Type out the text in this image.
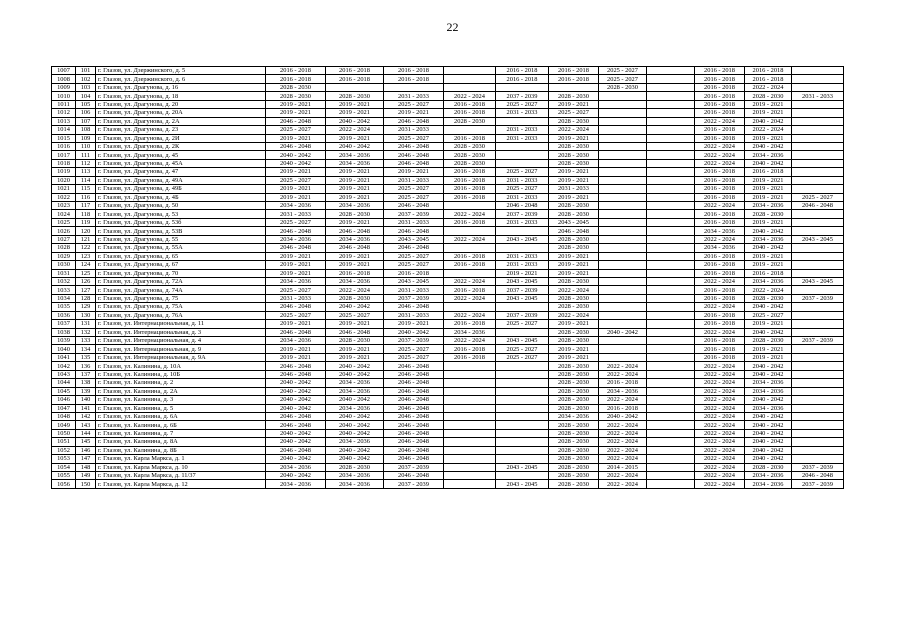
22
1007	101	г. Глазов, ул. Дзержинского, д. 5	2016 - 2018	2016 - 2018	2016 - 2018		2016 - 2018	2016 - 2018	2025 - 2027		2016 - 2018	2016 - 2018	
1008	102	г. Глазов, ул. Дзержинского, д. 6	2016 - 2018	2016 - 2018	2016 - 2018		2016 - 2018	2016 - 2018	2025 - 2027		2016 - 2018	2016 - 2018	
1009	103	г. Глазов, ул. Драгунова, д. 16	2028 - 2030						2028 - 2030		2016 - 2018	2022 - 2024	
1010	104	г. Глазов, ул. Драгунова, д. 18	2028 - 2030	2028 - 2030	2031 - 2033	2022 - 2024	2037 - 2039	2028 - 2030			2016 - 2018	2028 - 2030	2031 - 2033
1011	105	г. Глазов, ул. Драгунова, д. 20	2019 - 2021	2019 - 2021	2025 - 2027	2016 - 2018	2025 - 2027	2019 - 2021			2016 - 2018	2019 - 2021	
1012	106	г. Глазов, ул. Драгунова, д. 20А	2019 - 2021	2019 - 2021	2019 - 2021	2016 - 2018	2031 - 2033	2025 - 2027			2016 - 2018	2019 - 2021	
1013	107	г. Глазов, ул. Драгунова, д. 2А	2046 - 2048	2040 - 2042	2046 - 2048	2028 - 2030		2028 - 2030			2022 - 2024	2040 - 2042	
1014	108	г. Глазов, ул. Драгунова, д. 23	2025 - 2027	2022 - 2024	2031 - 2033		2031 - 2033	2022 - 2024			2016 - 2018	2022 - 2024	
1015	109	г. Глазов, ул. Драгунова, д. 2И	2019 - 2021	2019 - 2021	2025 - 2027	2016 - 2018	2031 - 2033	2019 - 2021			2016 - 2018	2019 - 2021	
1016	110	г. Глазов, ул. Драгунова, д. 2К	2046 - 2048	2040 - 2042	2046 - 2048	2028 - 2030		2028 - 2030			2022 - 2024	2040 - 2042	
1017	111	г. Глазов, ул. Драгунова, д. 45	2040 - 2042	2034 - 2036	2046 - 2048	2028 - 2030		2028 - 2030			2022 - 2024	2034 - 2036	
1018	112	г. Глазов, ул. Драгунова, д. 45А	2040 - 2042	2034 - 2036	2046 - 2048	2028 - 2030		2028 - 2030			2022 - 2024	2040 - 2042	
1019	113	г. Глазов, ул. Драгунова, д. 47	2019 - 2021	2019 - 2021	2019 - 2021	2016 - 2018	2025 - 2027	2019 - 2021			2016 - 2018	2016 - 2018	
1020	114	г. Глазов, ул. Драгунова, д. 49А	2025 - 2027	2019 - 2021	2031 - 2033	2016 - 2018	2031 - 2033	2019 - 2021			2016 - 2018	2019 - 2021	
1021	115	г. Глазов, ул. Драгунова, д. 49Б	2019 - 2021	2019 - 2021	2025 - 2027	2016 - 2018	2025 - 2027	2031 - 2033			2016 - 2018	2019 - 2021	
1022	116	г. Глазов, ул. Драгунова, д. 4Б	2019 - 2021	2019 - 2021	2025 - 2027	2016 - 2018	2031 - 2033	2019 - 2021			2016 - 2018	2019 - 2021	2025 - 2027
1023	117	г. Глазов, ул. Драгунова, д. 50	2034 - 2036	2034 - 2036	2046 - 2048		2046 - 2048	2028 - 2030			2022 - 2024	2034 - 2036	2046 - 2048
1024	118	г. Глазов, ул. Драгунова, д. 53	2031 - 2033	2028 - 2030	2037 - 2039	2022 - 2024	2037 - 2039	2028 - 2030			2016 - 2018	2028 - 2030	
1025	119	г. Глазов, ул. Драгунова, д. 53б	2025 - 2027	2019 - 2021	2031 - 2033	2016 - 2018	2031 - 2033	2043 - 2045			2016 - 2018	2019 - 2021	
1026	120	г. Глазов, ул. Драгунова, д. 53В	2046 - 2048	2046 - 2048	2046 - 2048			2046 - 2048			2034 - 2036	2040 - 2042	
1027	121	г. Глазов, ул. Драгунова, д. 55	2034 - 2036	2034 - 2036	2043 - 2045	2022 - 2024	2043 - 2045	2028 - 2030			2022 - 2024	2034 - 2036	2043 - 2045
1028	122	г. Глазов, ул. Драгунова, д. 55А	2046 - 2048	2046 - 2048	2046 - 2048			2028 - 2030			2034 - 2036	2040 - 2042	
1029	123	г. Глазов, ул. Драгунова, д. 65	2019 - 2021	2019 - 2021	2025 - 2027	2016 - 2018	2031 - 2033	2019 - 2021			2016 - 2018	2019 - 2021	
1030	124	г. Глазов, ул. Драгунова, д. 67	2019 - 2021	2019 - 2021	2025 - 2027	2016 - 2018	2031 - 2033	2019 - 2021			2016 - 2018	2019 - 2021	
1031	125	г. Глазов, ул. Драгунова, д. 70	2019 - 2021	2016 - 2018	2016 - 2018		2019 - 2021	2019 - 2021			2016 - 2018	2016 - 2018	
1032	126	г. Глазов, ул. Драгунова, д. 72А	2034 - 2036	2034 - 2036	2043 - 2045	2022 - 2024	2043 - 2045	2028 - 2030			2022 - 2024	2034 - 2036	2043 - 2045
1033	127	г. Глазов, ул. Драгунова, д. 74А	2025 - 2027	2022 - 2024	2031 - 2033	2016 - 2018	2037 - 2039	2022 - 2024			2016 - 2018	2022 - 2024	
1034	128	г. Глазов, ул. Драгунова, д. 75	2031 - 2033	2028 - 2030	2037 - 2039	2022 - 2024	2043 - 2045	2028 - 2030			2016 - 2018	2028 - 2030	2037 - 2039
1035	129	г. Глазов, ул. Драгунова, д. 75А	2046 - 2048	2040 - 2042	2046 - 2048			2028 - 2030			2022 - 2024	2040 - 2042	
1036	130	г. Глазов, ул. Драгунова, д. 76А	2025 - 2027	2025 - 2027	2031 - 2033	2022 - 2024	2037 - 2039	2022 - 2024			2016 - 2018	2025 - 2027	
1037	131	г. Глазов, ул. Интернациональная, д. 11	2019 - 2021	2019 - 2021	2019 - 2021	2016 - 2018	2025 - 2027	2019 - 2021			2016 - 2018	2019 - 2021	
1038	132	г. Глазов, ул. Интернациональная, д. 3	2046 - 2048	2046 - 2048	2040 - 2042	2034 - 2036		2028 - 2030	2040 - 2042		2022 - 2024	2040 - 2042	
1039	133	г. Глазов, ул. Интернациональная, д. 4	2034 - 2036	2028 - 2030	2037 - 2039	2022 - 2024	2043 - 2045	2028 - 2030			2016 - 2018	2028 - 2030	2037 - 2039
1040	134	г. Глазов, ул. Интернациональная, д. 9	2019 - 2021	2019 - 2021	2025 - 2027	2016 - 2018	2025 - 2027	2019 - 2021			2016 - 2018	2019 - 2021	
1041	135	г. Глазов, ул. Интернациональная, д. 9А	2019 - 2021	2019 - 2021	2025 - 2027	2016 - 2018	2025 - 2027	2019 - 2021			2016 - 2018	2019 - 2021	
1042	136	г. Глазов, ул. Калинина, д. 10А	2046 - 2048	2040 - 2042	2046 - 2048			2028 - 2030	2022 - 2024		2022 - 2024	2040 - 2042	
1043	137	г. Глазов, ул. Калинина, д. 10Б	2046 - 2048	2040 - 2042	2046 - 2048			2028 - 2030	2022 - 2024		2022 - 2024	2040 - 2042	
1044	138	г. Глазов, ул. Калинина, д. 2	2040 - 2042	2034 - 2036	2046 - 2048			2028 - 2030	2016 - 2018		2022 - 2024	2034 - 2036	
1045	139	г. Глазов, ул. Калинина, д. 2А	2040 - 2042	2034 - 2036	2046 - 2048			2028 - 2030	2034 - 2036		2022 - 2024	2034 - 2036	
1046	140	г. Глазов, ул. Калинина, д. 3	2040 - 2042	2040 - 2042	2046 - 2048			2028 - 2030	2022 - 2024		2022 - 2024	2040 - 2042	
1047	141	г. Глазов, ул. Калинина, д. 5	2040 - 2042	2034 - 2036	2046 - 2048			2028 - 2030	2016 - 2018		2022 - 2024	2034 - 2036	
1048	142	г. Глазов, ул. Калинина, д. 6А	2046 - 2048	2040 - 2042	2046 - 2048			2034 - 2036	2040 - 2042		2022 - 2024	2040 - 2042	
1049	143	г. Глазов, ул. Калинина, д. 6Б	2046 - 2048	2040 - 2042	2046 - 2048			2028 - 2030	2022 - 2024		2022 - 2024	2040 - 2042	
1050	144	г. Глазов, ул. Калинина, д. 7	2040 - 2042	2040 - 2042	2046 - 2048			2028 - 2030	2022 - 2024		2022 - 2024	2040 - 2042	
1051	145	г. Глазов, ул. Калинина, д. 8А	2040 - 2042	2034 - 2036	2046 - 2048			2028 - 2030	2022 - 2024		2022 - 2024	2040 - 2042	
1052	146	г. Глазов, ул. Калинина, д. 8Б	2046 - 2048	2040 - 2042	2046 - 2048			2028 - 2030	2022 - 2024		2022 - 2024	2040 - 2042	
1053	147	г. Глазов, ул. Карла Маркса, д. 1	2040 - 2042	2040 - 2042	2046 - 2048			2028 - 2030	2022 - 2024		2022 - 2024	2040 - 2042	
1054	148	г. Глазов, ул. Карла Маркса, д. 10	2034 - 2036	2028 - 2030	2037 - 2039		2043 - 2045	2028 - 2030	2014 - 2015		2022 - 2024	2028 - 2030	2037 - 2039
1055	149	г. Глазов, ул. Карла Маркса, д. 11/37	2040 - 2042	2034 - 2036	2046 - 2048			2028 - 2030	2022 - 2024		2022 - 2024	2034 - 2036	2046 - 2048
1056	150	г. Глазов, ул. Карла Маркса, д. 12	2034 - 2036	2034 - 2036	2037 - 2039		2043 - 2045	2028 - 2030	2022 - 2024		2022 - 2024	2034 - 2036	2037 - 2039
